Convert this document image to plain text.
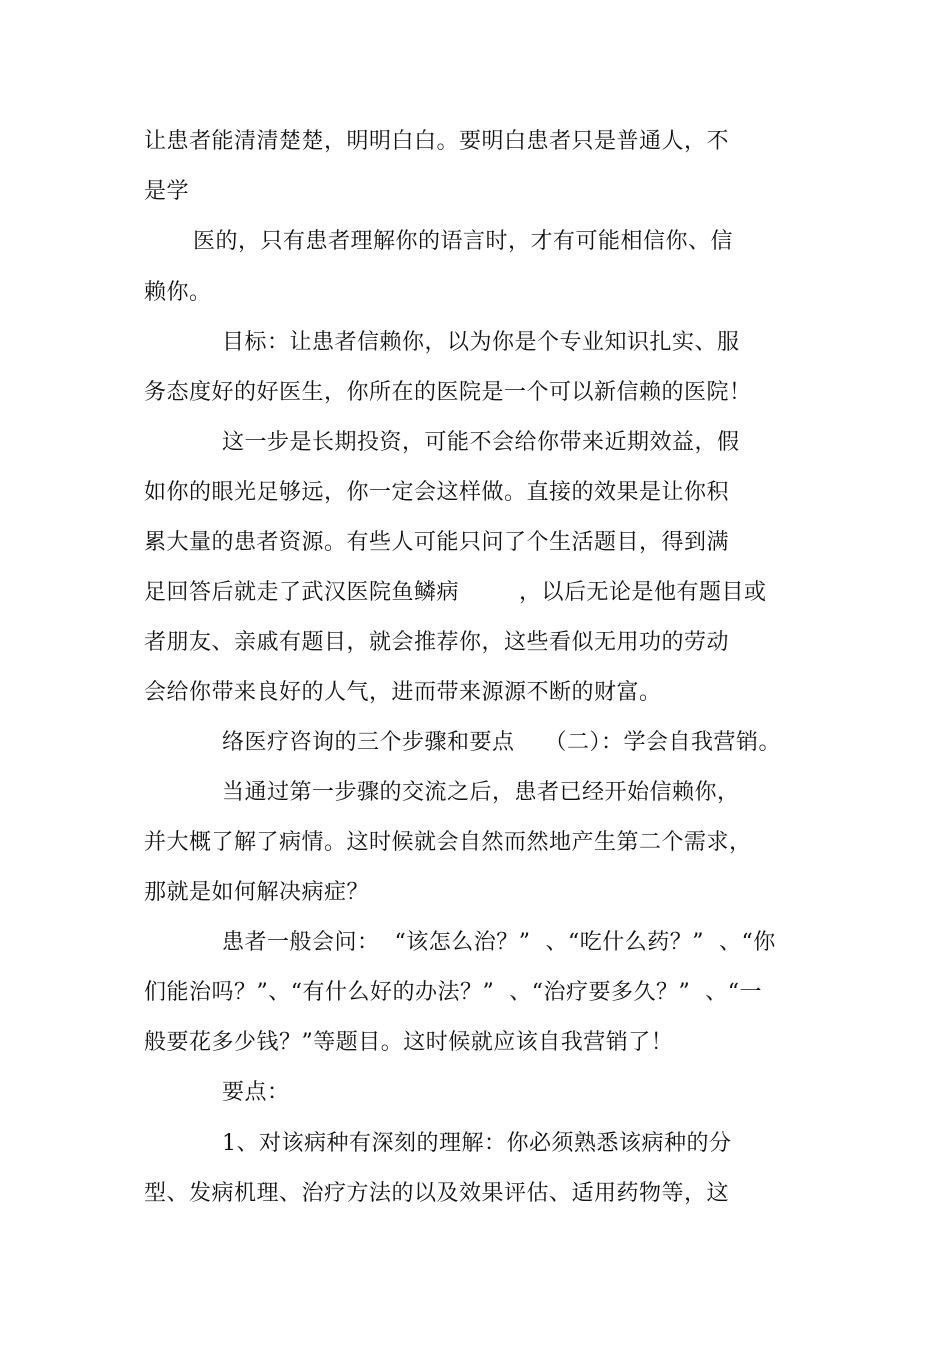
让患者能清清楚楚，明明白白。要明白患者只是普通人，不
是学
医的，只有患者理解你的语言时，才有可能相信你、信
赖你。
目标：让患者信赖你，以为你是个专业知识扎实、服
务态度好的好医生，你所在的医院是一个可以新信赖的医院！
这一步是长期投资，可能不会给你带来近期效益，假
如你的眼光足够远，你一定会这样做。直接的效果是让你积
累大量的患者资源。有些人可能只问了个生活题目，得到满
足回答后就走了武汉医院鱼鳞病        ，以后无论是他有题目或
者朋友、亲戚有题目，就会推荐你，这些看似无用功的劳动
会给你带来良好的人气，进而带来源源不断的财富。
络医疗咨询的三个步骤和要点    （二）：学会自我营销。
当通过第一步骤的交流之后，患者已经开始信赖你，
并大概了解了病情。这时候就会自然而然地产生第二个需求，
那就是如何解决病症？
患者一般会问：  “该怎么治？”  、“吃什么药？”  、“你
们能治吗？”、“有什么好的办法？”  、“治疗要多久？”  、“一
般要花多少钱？”等题目。这时候就应该自我营销了！
要点：
1、对该病种有深刻的理解：你必须熟悉该病种的分
型、发病机理、治疗方法的以及效果评估、适用药物等，这
